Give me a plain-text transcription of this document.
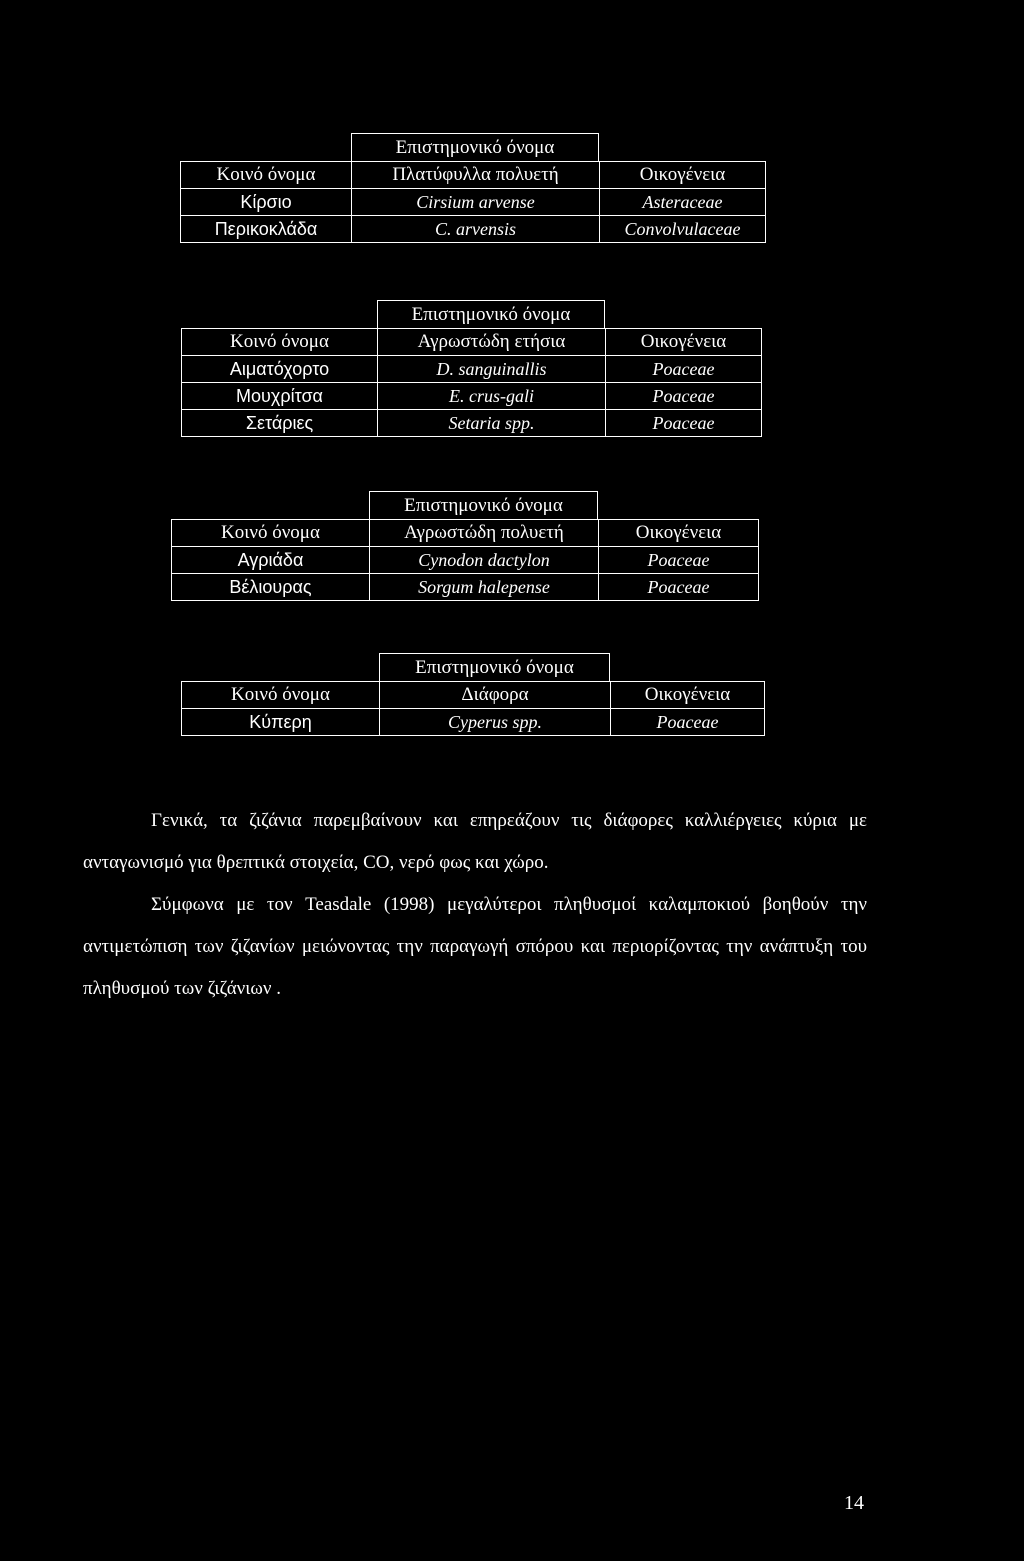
Επιστημονικό όνομα
Κοινό όνομα	Πλατύφυλλα πολυετή	Οικογένεια
Κίρσιο	Cirsium arvense	Asteraceae
Περικοκλάδα	C. arvensis	Convolvulaceae
Επιστημονικό όνομα
Κοινό όνομα	Αγρωστώδη ετήσια	Οικογένεια
Αιματόχορτο	D. sanguinallis	Poaceae
Μουχρίτσα	E. crus-gali	Poaceae
Σετάριες	Setaria spp.	Poaceae
Επιστημονικό όνομα
Κοινό όνομα	Αγρωστώδη πολυετή	Οικογένεια
Αγριάδα	Cynodon dactylon	Poaceae
Βέλιουρας	Sorgum halepense	Poaceae
Επιστημονικό όνομα
Κοινό όνομα	Διάφορα	Οικογένεια
Κύπερη	Cyperus spp.	Poaceae

Γενικά, τα ζιζάνια παρεμβαίνουν και επηρεάζουν τις διάφορες καλλιέργειες κύρια με ανταγωνισμό για θρεπτικά στοιχεία, CO, νερό φως και χώρο.

Σύμφωνα με τον Teasdale (1998) μεγαλύτεροι πληθυσμοί καλαμποκιού βοηθούν την αντιμετώπιση των ζιζανίων μειώνοντας την παραγωγή σπόρου και περιορίζοντας την ανάπτυξη του πληθυσμού των ζιζάνιων .

14
